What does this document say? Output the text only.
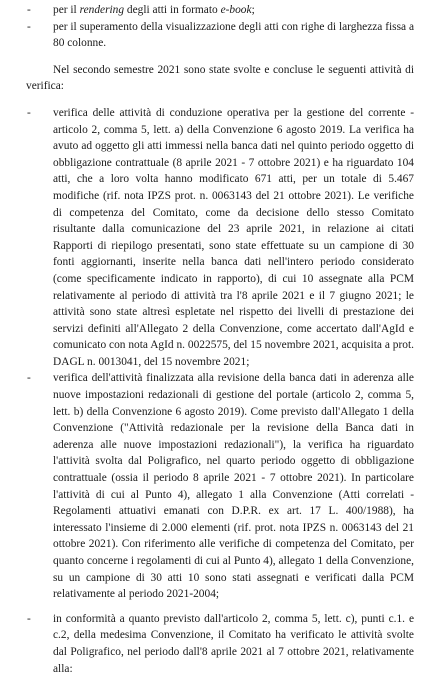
- per il rendering degli atti in formato e-book;
- per il superamento della visualizzazione degli atti con righe di larghezza fissa a 80 colonne.

Nel secondo semestre 2021 sono state svolte e concluse le seguenti attività di verifica:

- verifica delle attività di conduzione operativa per la gestione del corrente - articolo 2, comma 5, lett. a) della Convenzione 6 agosto 2019. La verifica ha avuto ad oggetto gli atti immessi nella banca dati nel quinto periodo oggetto di obbligazione contrattuale (8 aprile 2021 - 7 ottobre 2021) e ha riguardato 104 atti, che a loro volta hanno modificato 671 atti, per un totale di 5.467 modifiche (rif. nota IPZS prot. n. 0063143 del 21 ottobre 2021). Le verifiche di competenza del Comitato, come da decisione dello stesso Comitato risultante dalla comunicazione del 23 aprile 2021, in relazione ai citati Rapporti di riepilogo presentati, sono state effettuate su un campione di 30 fonti aggiornanti, inserite nella banca dati nell'intero periodo considerato (come specificamente indicato in rapporto), di cui 10 assegnate alla PCM relativamente al periodo di attività tra l'8 aprile 2021 e il 7 giugno 2021; le attività sono state altresì espletate nel rispetto dei livelli di prestazione dei servizi definiti all'Allegato 2 della Convenzione, come accertato dall'AgId e comunicato con nota AgId n. 0022575, del 15 novembre 2021, acquisita a prot. DAGL n. 0013041, del 15 novembre 2021;
- verifica dell'attività finalizzata alla revisione della banca dati in aderenza alle nuove impostazioni redazionali di gestione del portale (articolo 2, comma 5, lett. b) della Convenzione 6 agosto 2019). Come previsto dall'Allegato 1 della Convenzione ("Attività redazionale per la revisione della Banca dati in aderenza alle nuove impostazioni redazionali"), la verifica ha riguardato l'attività svolta dal Poligrafico, nel quarto periodo oggetto di obbligazione contrattuale (ossia il periodo 8 aprile 2021 - 7 ottobre 2021). In particolare l'attività di cui al Punto 4), allegato 1 alla Convenzione (Atti correlati - Regolamenti attuativi emanati con D.P.R. ex art. 17 L. 400/1988), ha interessato l'insieme di 2.000 elementi (rif. prot. nota IPZS n. 0063143 del 21 ottobre 2021). Con riferimento alle verifiche di competenza del Comitato, per quanto concerne i regolamenti di cui al Punto 4), allegato 1 della Convenzione, su un campione di 30 atti 10 sono stati assegnati e verificati dalla PCM relativamente al periodo 2021-2004;
- in conformità a quanto previsto dall'articolo 2, comma 5, lett. c), punti c.1. e c.2, della medesima Convenzione, il Comitato ha verificato le attività svolte dal Poligrafico, nel periodo dall'8 aprile 2021 al 7 ottobre 2021, relativamente alla:
